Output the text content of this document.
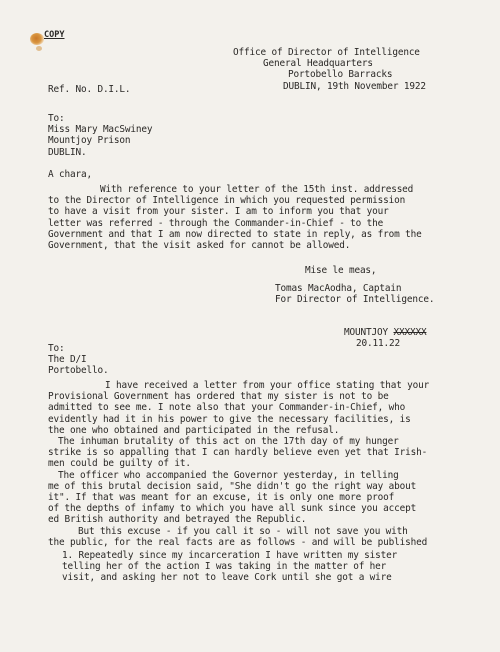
COPY
Office of Director of Intelligence
General Headquarters
Portobello Barracks
DUBLIN, 19th November 1922
Ref. No. D.I.L.
To:
Miss Mary MacSwiney
Mountjoy Prison
DUBLIN.
A chara,
With reference to your letter of the 15th inst. addressed
to the Director of Intelligence in which you requested permission
to have a visit from your sister. I am to inform you that your
letter was referred - through the Commander-in-Chief - to the
Government and that I am now directed to state in reply, as from the
Government, that the visit asked for cannot be allowed.
Mise le meas,
Tomas MacAodha, Captain
For Director of Intelligence.
MOUNTJOY XXXXXX
20.11.22
To:
The D/I
Portobello.
I have received a letter from your office stating that your
Provisional Government has ordered that my sister is not to be
admitted to see me. I note also that your Commander-in-Chief, who
evidently had it in his power to give the necessary facilities, is
the one who obtained and participated in the refusal.
The inhuman brutality of this act on the 17th day of my hunger
strike is so appalling that I can hardly believe even yet that Irish-
men could be guilty of it.
The officer who accompanied the Governor yesterday, in telling
me of this brutal decision said, "She didn't go the right way about
it". If that was meant for an excuse, it is only one more proof
of the depths of infamy to which you have all sunk since you accept
ed British authority and betrayed the Republic.
But this excuse - if you call it so - will not save you with
the public, for the real facts are as follows - and will be published
1. Repeatedly since my incarceration I have written my sister
telling her of the action I was taking in the matter of her
visit, and asking her not to leave Cork until she got a wire
